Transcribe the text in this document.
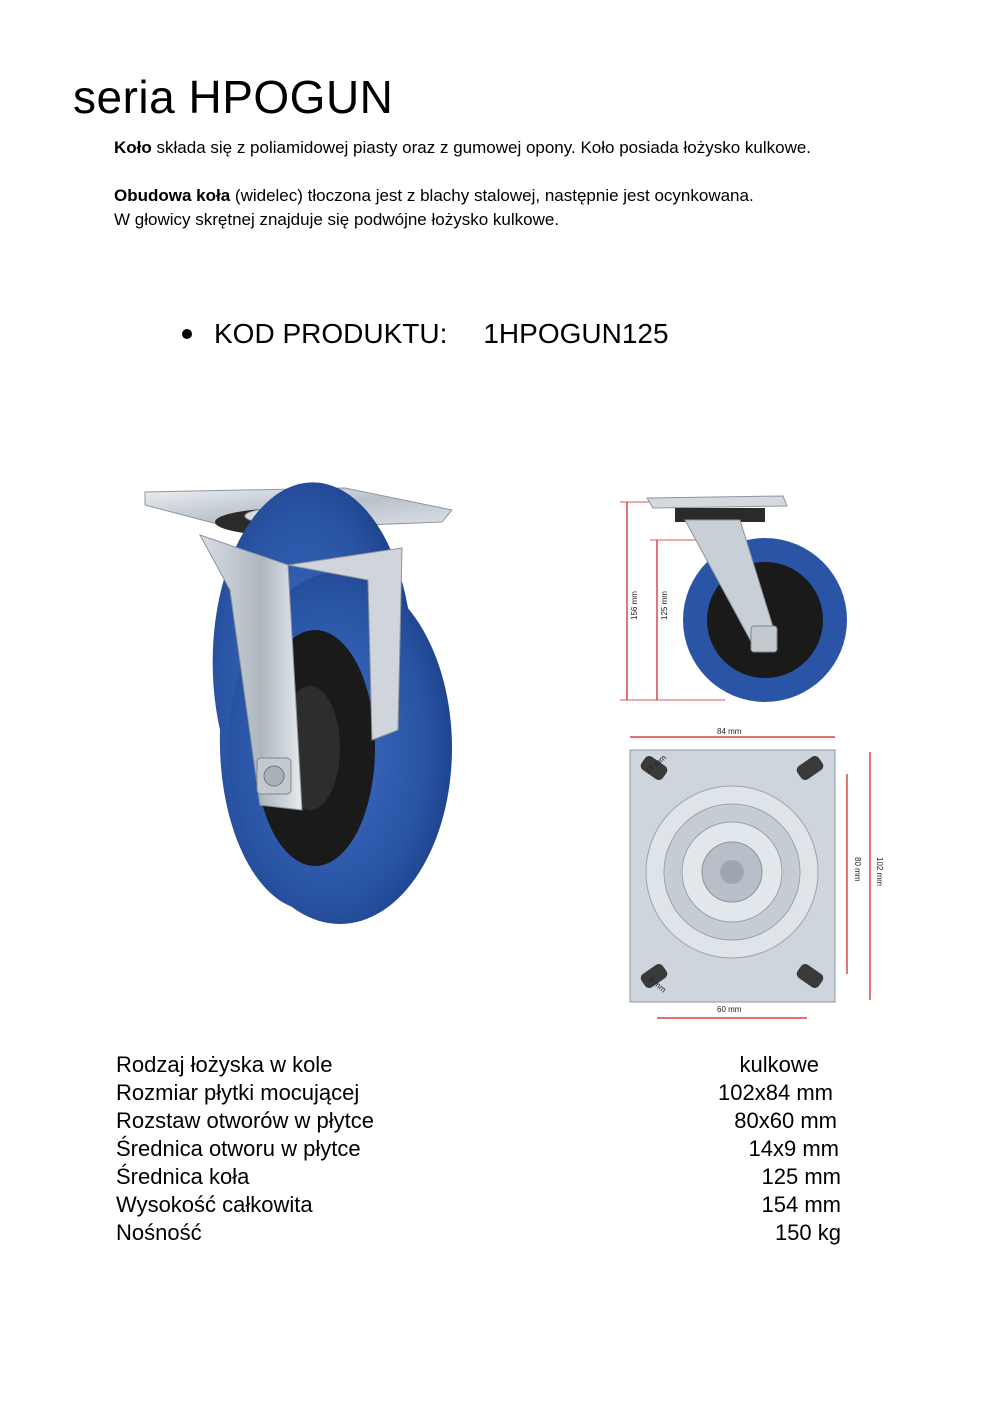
seria HPOGUN
Koło składa się z poliamidowej piasty oraz z gumowej opony. Koło posiada łożysko kulkowe.
Obudowa koła (widelec) tłoczona jest z blachy stalowej, następnie jest ocynkowana.
W głowicy skrętnej znajduje się podwójne łożysko kulkowe.
KOD PRODUKTU: 1HPOGUN125
156 mm	125 mm
84 mm
102 mm
80 mm
60 mm
14 mm
9 mm
Rodzaj łożyska w kole	kulkowe
Rozmiar płytki mocującej	102x84 mm
Rozstaw otworów w płytce	80x60 mm
Średnica otworu w płytce	14x9 mm
Średnica koła	125 mm
Wysokość całkowita	154 mm
Nośność	150 kg
